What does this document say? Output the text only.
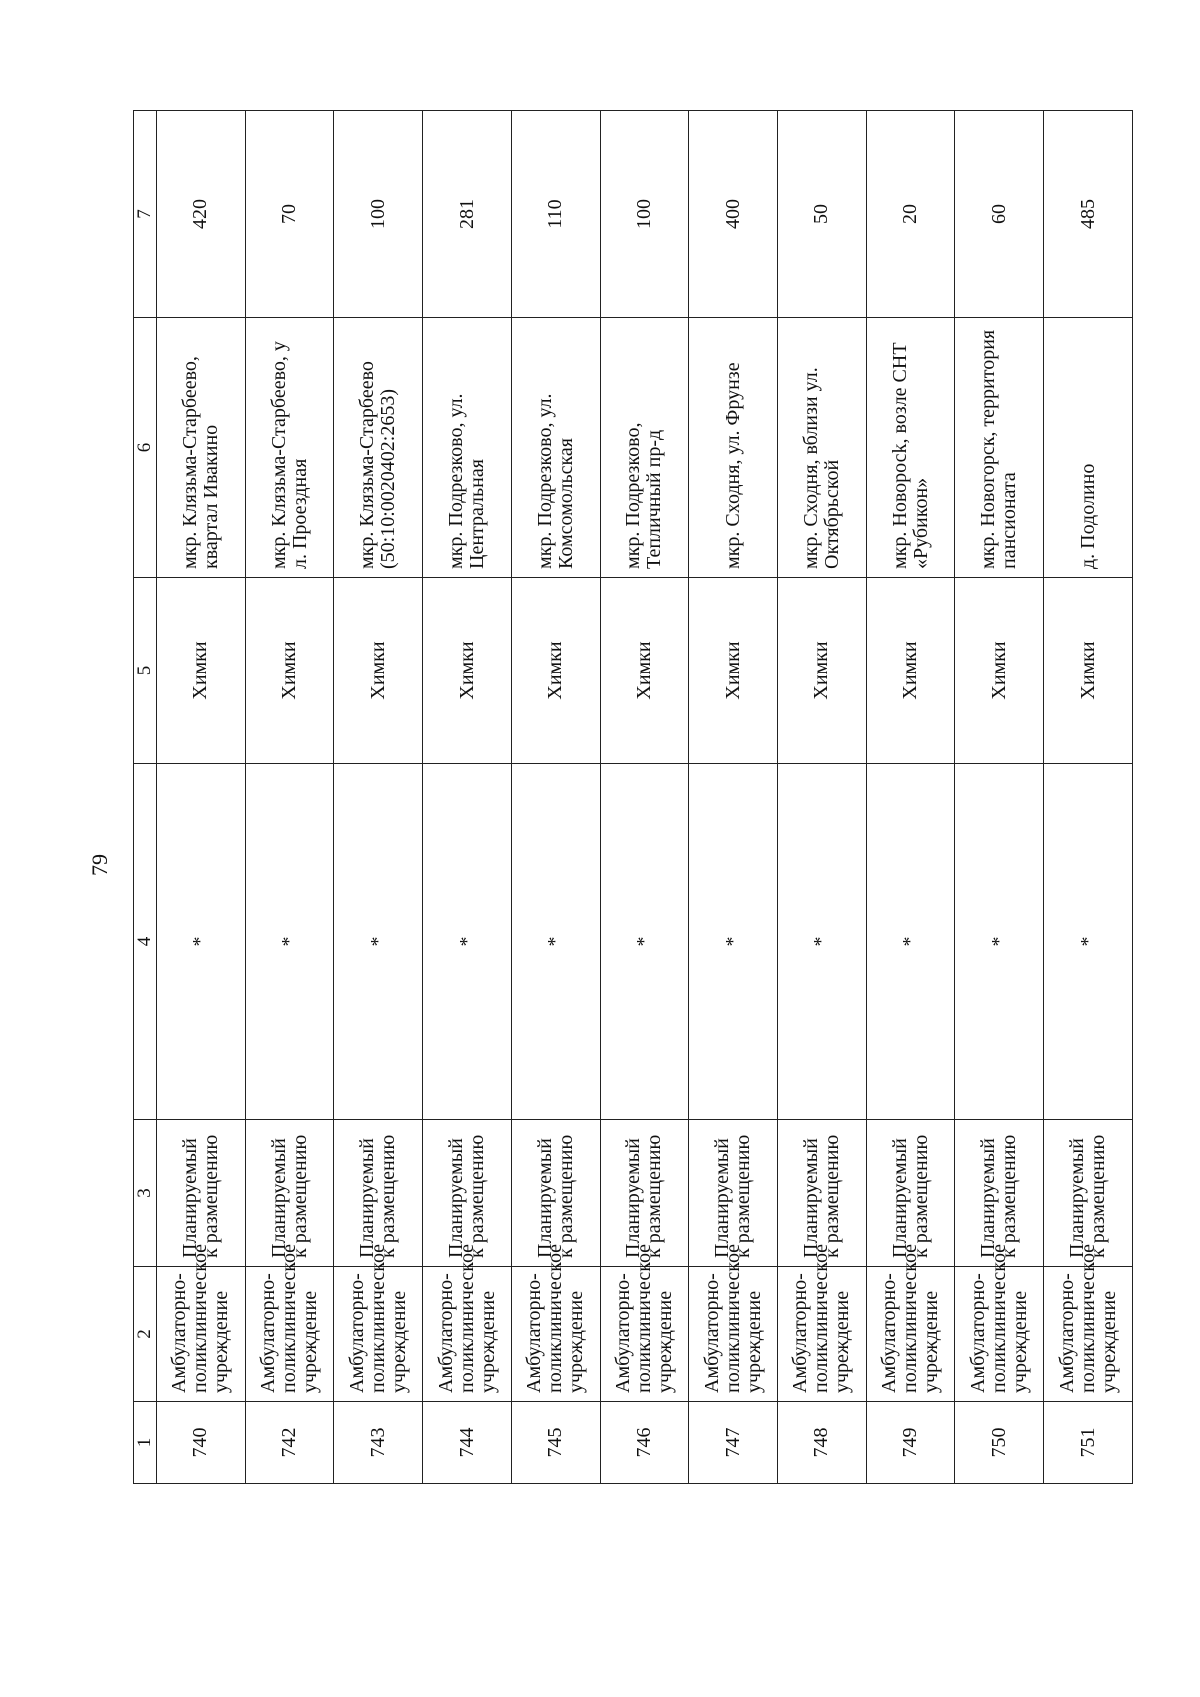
79
1	2	3	4	5	6	7
740	Амбулаторно-поликлиническое учреждение	Планируемый к размещению	*	Химки	мкр. Клязьма-Старбеево, квартал Ивакино	420
742	Амбулаторно-поликлиническое учреждение	Планируемый к размещению	*	Химки	мкр. Клязьма-Старбеево, у л. Проездная	70
743	Амбулаторно-поликлиническое учреждение	Планируемый к размещению	*	Химки	мкр. Клязьма-Старбеево (50:10:0020402:2653)	100
744	Амбулаторно-поликлиническое учреждение	Планируемый к размещению	*	Химки	мкр. Подрезково, ул. Центральная	281
745	Амбулаторно-поликлиническое учреждение	Планируемый к размещению	*	Химки	мкр. Подрезково, ул. Комсомольская	110
746	Амбулаторно-поликлиническое учреждение	Планируемый к размещению	*	Химки	мкр. Подрезково, Тепличный пр-д	100
747	Амбулаторно-поликлиническое учреждение	Планируемый к размещению	*	Химки	мкр. Сходня, ул. Фрунзе	400
748	Амбулаторно-поликлиническое учреждение	Планируемый к размещению	*	Химки	мкр. Сходня, вблизи ул. Октябрьской	50
749	Амбулаторно-поликлиническое учреждение	Планируемый к размещению	*	Химки	мкр. Новоросk, возле СНТ «Рубикон»	20
750	Амбулаторно-поликлиническое учреждение	Планируемый к размещению	*	Химки	мкр. Новогорск, территория пансионата	60
751	Амбулаторно-поликлиническое учреждение	Планируемый к размещению	*	Химки	д. Подолино	485
